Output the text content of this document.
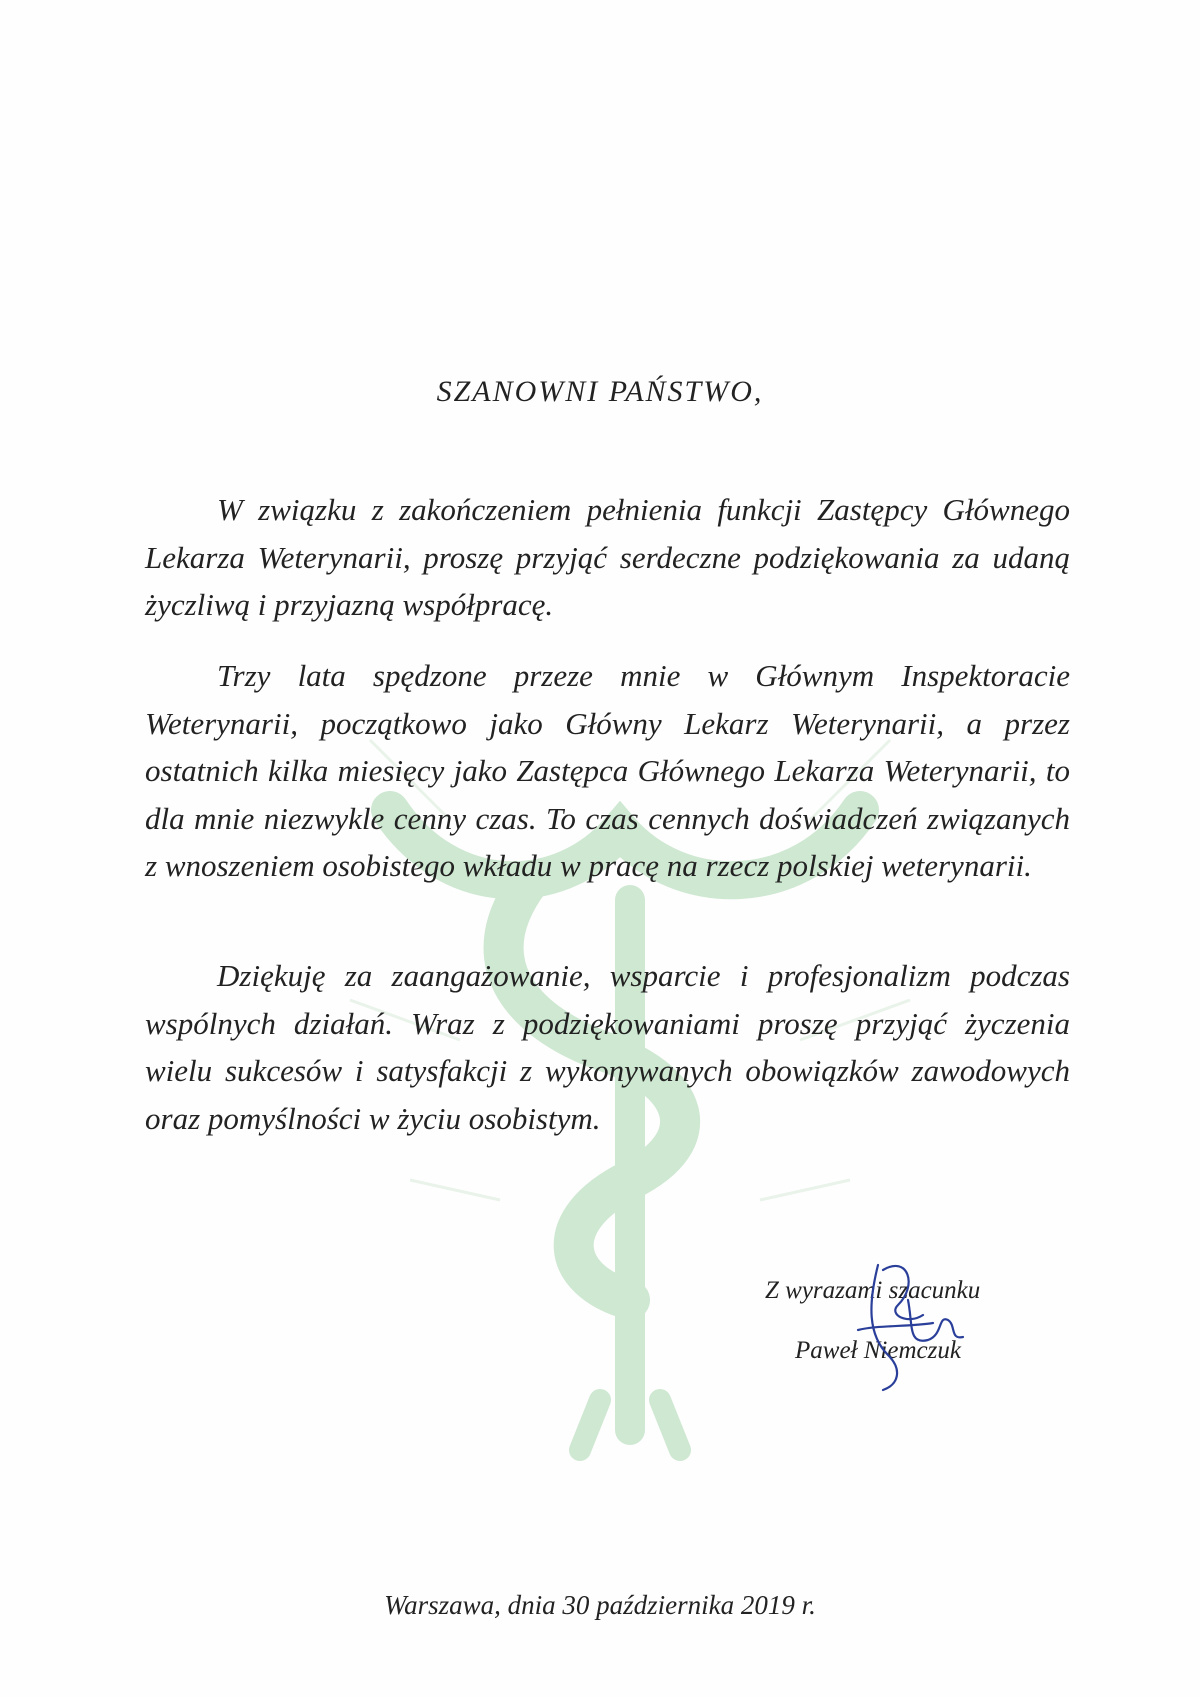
SZANOWNI PAŃSTWO,

W związku z zakończeniem pełnienia funkcji Zastępcy Głównego Lekarza Weterynarii, proszę przyjąć serdeczne podziękowania za udaną życzliwą i przyjazną współpracę.

Trzy lata spędzone przeze mnie w Głównym Inspektoracie Weterynarii, początkowo jako Główny Lekarz Weterynarii, a przez ostatnich kilka miesięcy jako Zastępca Głównego Lekarza Weterynarii, to dla mnie niezwykle cenny czas. To czas cennych doświadczeń związanych z wnoszeniem osobistego wkładu w pracę na rzecz polskiej weterynarii.

Dziękuję za zaangażowanie, wsparcie i profesjonalizm podczas wspólnych działań. Wraz z podziękowaniami proszę przyjąć życzenia wielu sukcesów i satysfakcji z wykonywanych obowiązków zawodowych oraz pomyślności w życiu osobistym.

Z wyrazami szacunku
Paweł Niemczuk
Warszawa, dnia 30 października 2019 r.
